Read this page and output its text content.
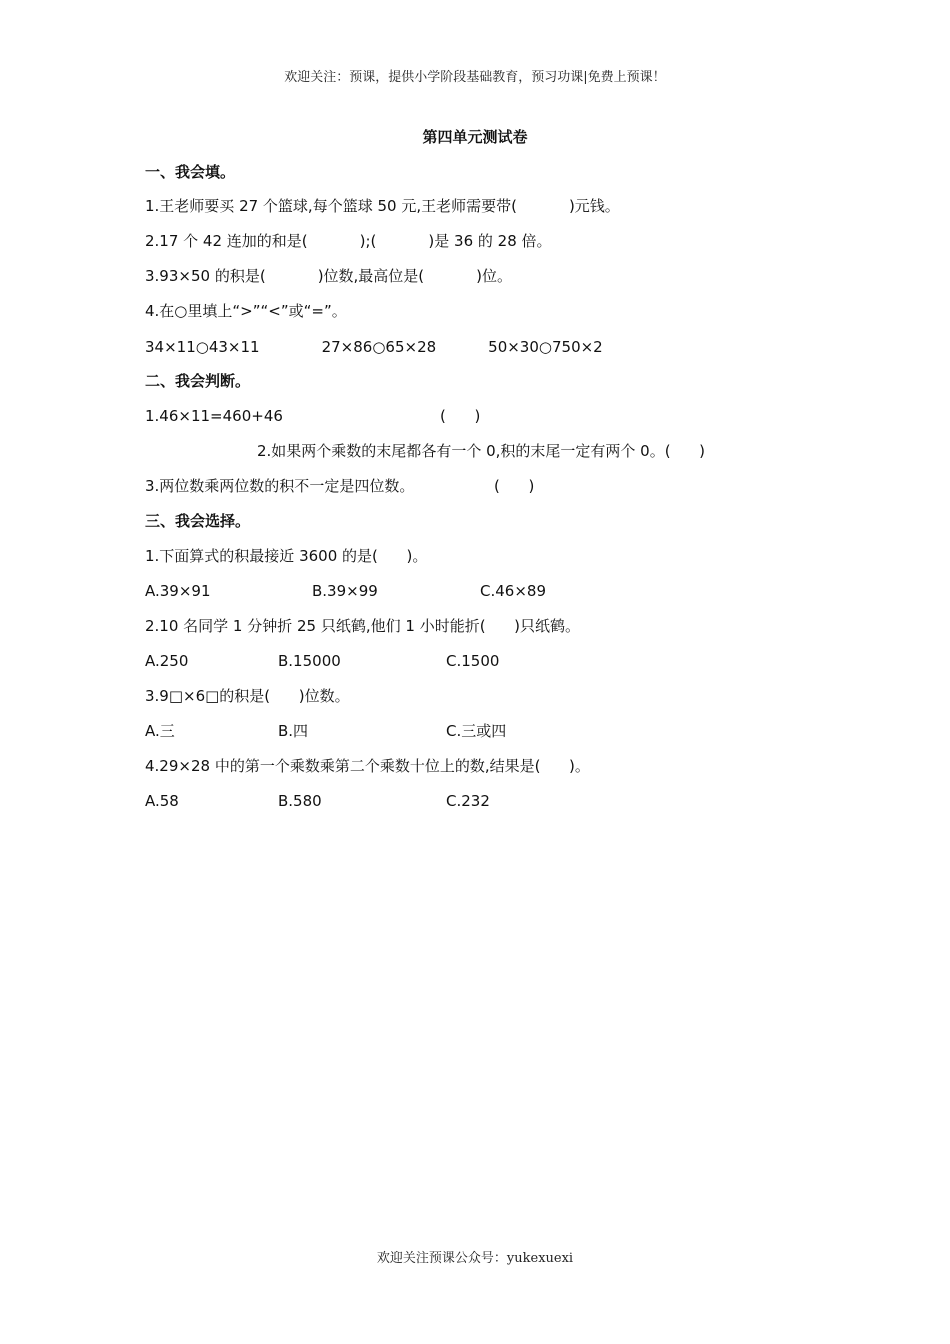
欢迎关注：预课，提供小学阶段基础教育，预习功课|免费上预课！
第四单元测试卷
一、我会填。
1.王老师要买 27 个篮球,每个篮球 50 元,王老师需要带(	)元钱。
2.17 个 42 连加的和是(	);(	)是 36 的 28 倍。
3.93×50 的积是(	)位数,最高位是(	)位。
4.在○里填上“>”“<”或“=”。
34×11○43×11	27×86○65×28	50×30○750×2
二、我会判断。
1.46×11=460+46	(      )
2.如果两个乘数的末尾都各有一个 0,积的末尾一定有两个 0。(      )
3.两位数乘两位数的积不一定是四位数。	(      )
三、我会选择。
1.下面算式的积最接近 3600 的是(      )。
A.39×91	B.39×99	C.46×89
2.10 名同学 1 分钟折 25 只纸鹤,他们 1 小时能折(      )只纸鹤。
A.250	B.15000	C.1500
3.9□×6□的积是(      )位数。
A.三	B.四	C.三或四
4.29×28 中的第一个乘数乘第二个乘数十位上的数,结果是(      )。
A.58	B.580	C.232
欢迎关注预课公众号：yukexuexi
